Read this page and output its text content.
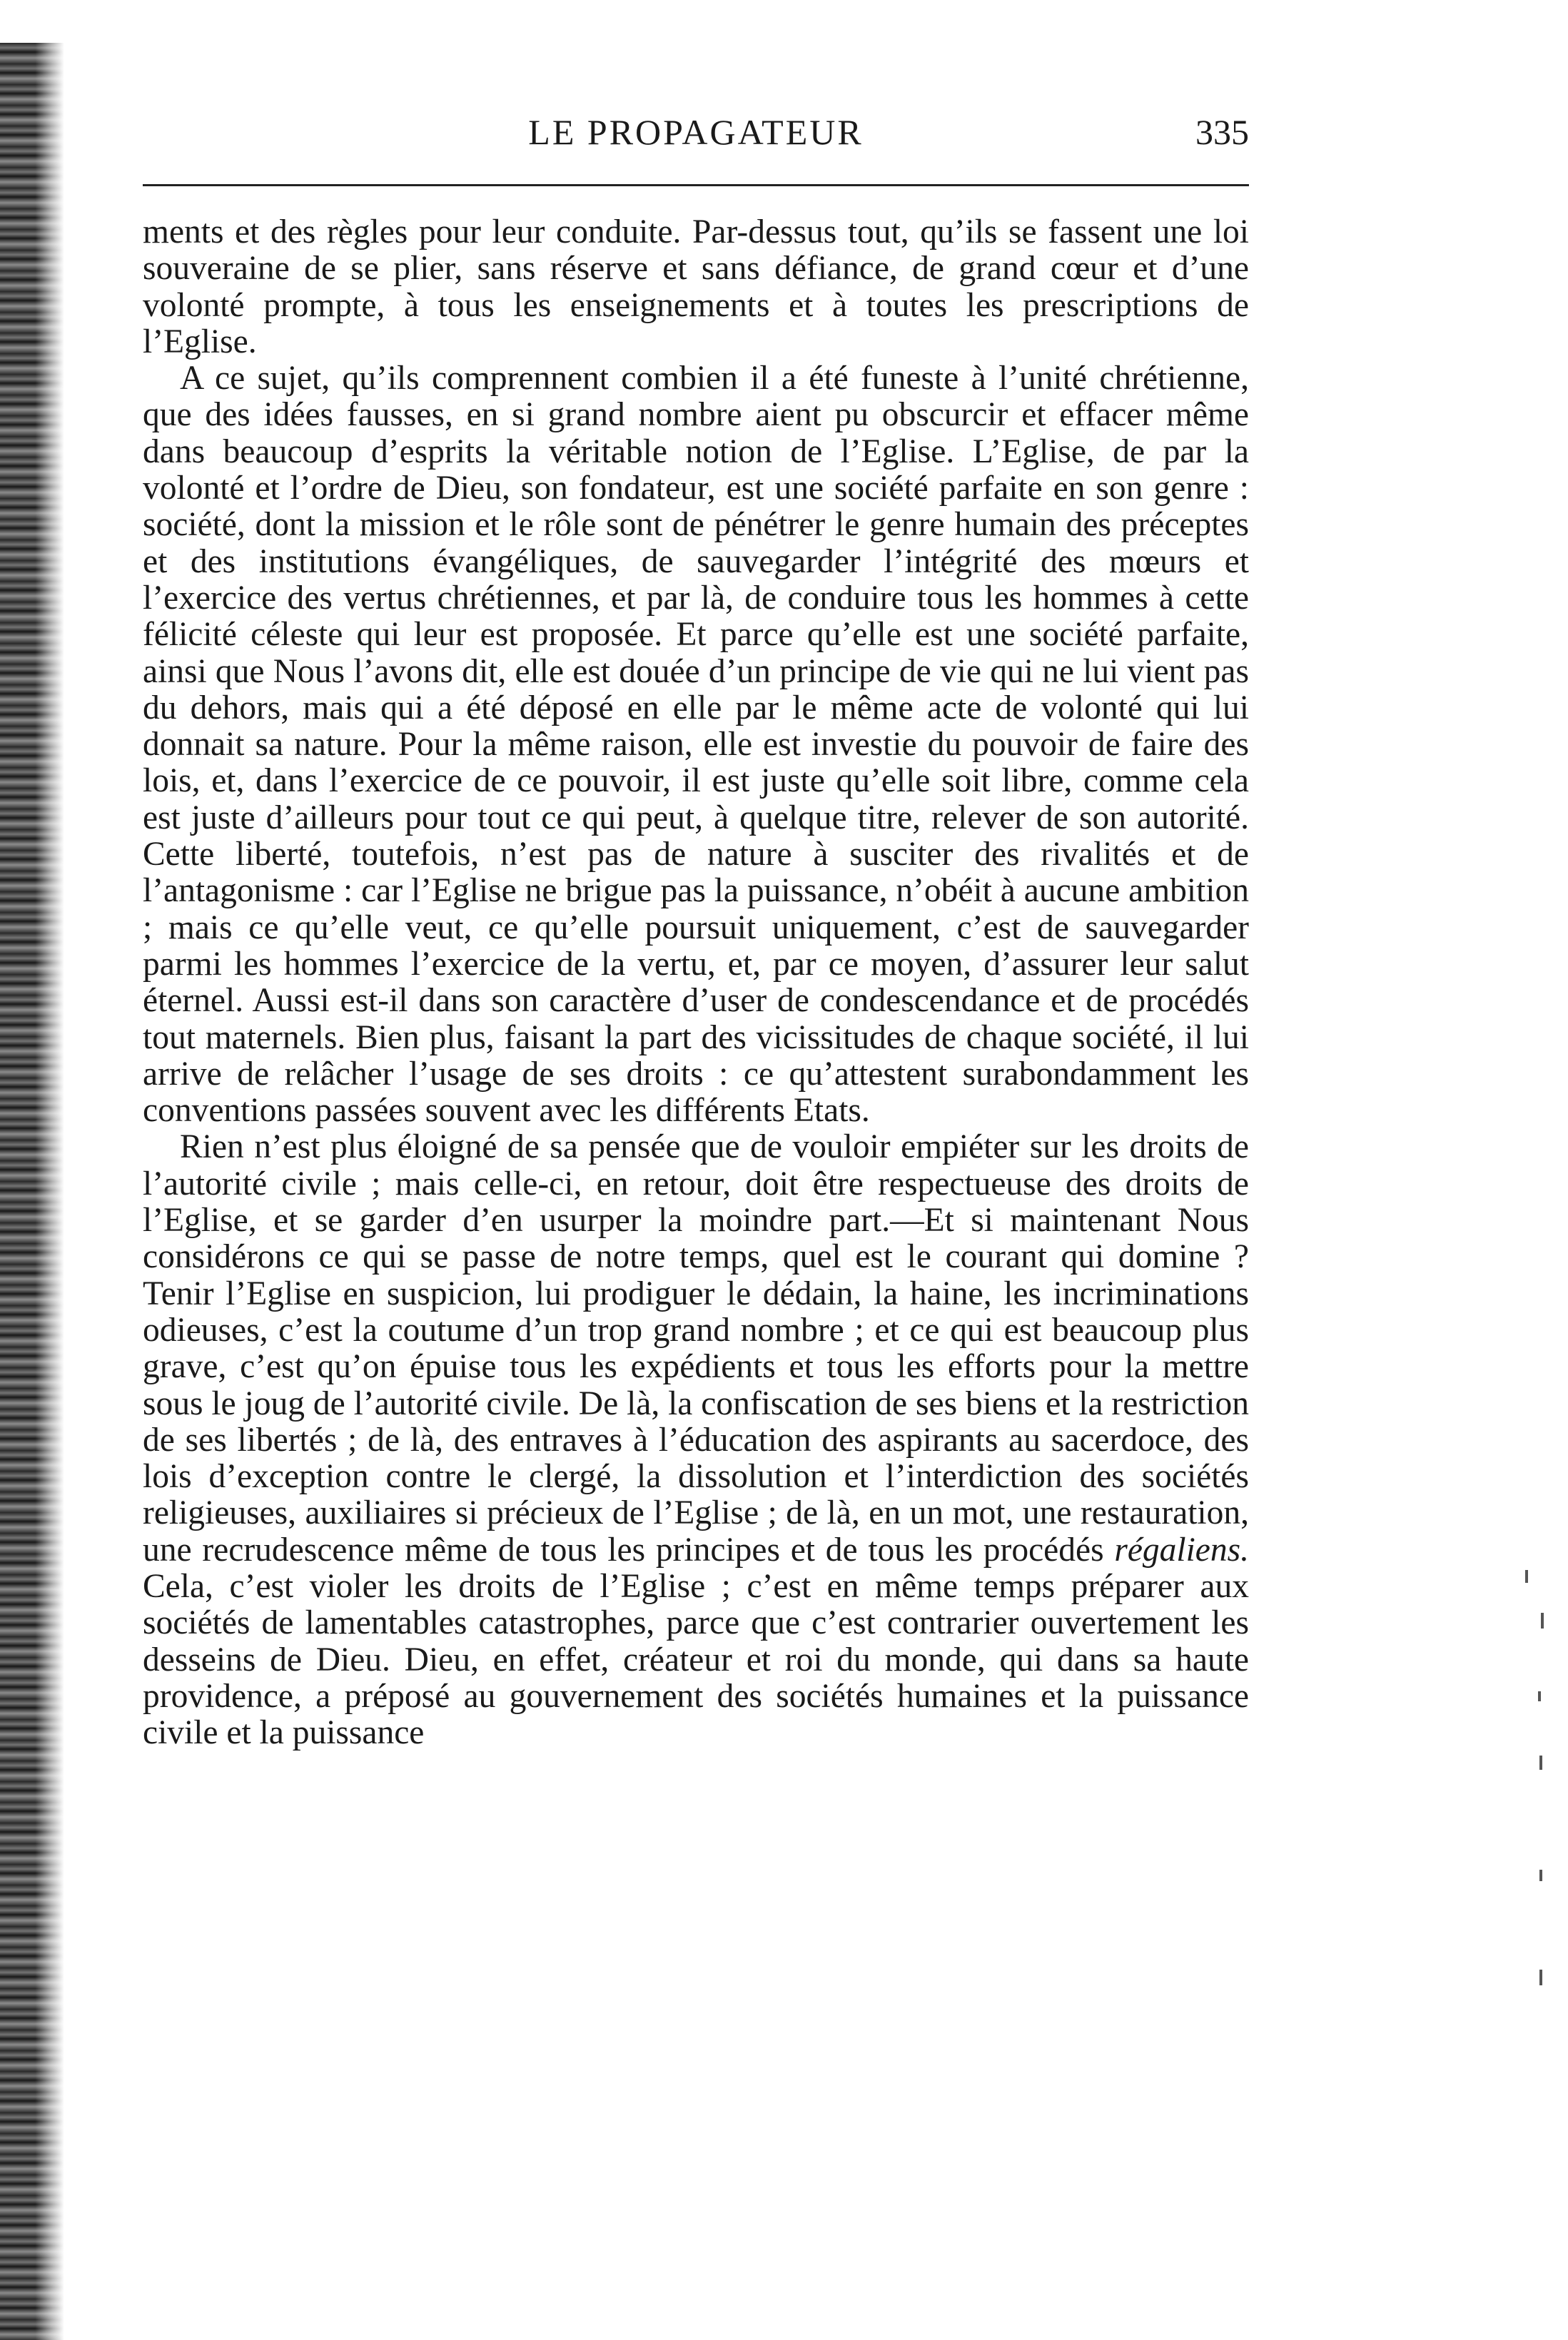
LE PROPAGATEUR	335

ments et des règles pour leur conduite. Par-dessus tout, qu’ils se fassent une loi souveraine de se plier, sans réserve et sans défiance, de grand cœur et d’une volonté prompte, à tous les enseignements et à toutes les prescriptions de l’Eglise.

A ce sujet, qu’ils comprennent combien il a été funeste à l’unité chrétienne, que des idées fausses, en si grand nombre aient pu obscurcir et effacer même dans beaucoup d’esprits la véritable notion de l’Eglise. L’Eglise, de par la volonté et l’ordre de Dieu, son fondateur, est une société parfaite en son genre : société, dont la mission et le rôle sont de pénétrer le genre humain des préceptes et des institutions évangéliques, de sauvegarder l’intégrité des mœurs et l’exercice des vertus chrétiennes, et par là, de conduire tous les hommes à cette félicité céleste qui leur est proposée. Et parce qu’elle est une société parfaite, ainsi que Nous l’avons dit, elle est douée d’un principe de vie qui ne lui vient pas du dehors, mais qui a été déposé en elle par le même acte de volonté qui lui donnait sa nature. Pour la même raison, elle est investie du pouvoir de faire des lois, et, dans l’exercice de ce pouvoir, il est juste qu’elle soit libre, comme cela est juste d’ailleurs pour tout ce qui peut, à quelque titre, relever de son autorité. Cette liberté, toutefois, n’est pas de nature à susciter des rivalités et de l’antagonisme : car l’Eglise ne brigue pas la puissance, n’obéit à aucune ambition ; mais ce qu’elle veut, ce qu’elle poursuit uniquement, c’est de sauvegarder parmi les hommes l’exercice de la vertu, et, par ce moyen, d’assurer leur salut éternel. Aussi est-il dans son caractère d’user de condescendance et de procédés tout maternels. Bien plus, faisant la part des vicissitudes de chaque société, il lui arrive de relâcher l’usage de ses droits : ce qu’attestent surabondamment les conventions passées souvent avec les différents Etats.

Rien n’est plus éloigné de sa pensée que de vouloir empiéter sur les droits de l’autorité civile ; mais celle-ci, en retour, doit être respectueuse des droits de l’Eglise, et se garder d’en usurper la moindre part.—Et si maintenant Nous considérons ce qui se passe de notre temps, quel est le courant qui domine ? Tenir l’Eglise en suspicion, lui prodiguer le dédain, la haine, les incriminations odieuses, c’est la coutume d’un trop grand nombre ; et ce qui est beaucoup plus grave, c’est qu’on épuise tous les expédients et tous les efforts pour la mettre sous le joug de l’autorité civile. De là, la confiscation de ses biens et la restriction de ses libertés ; de là, des entraves à l’éducation des aspirants au sacerdoce, des lois d’exception contre le clergé, la dissolution et l’interdiction des sociétés religieuses, auxiliaires si précieux de l’Eglise ; de là, en un mot, une restauration, une recrudescence même de tous les principes et de tous les procédés régaliens. Cela, c’est violer les droits de l’Eglise ; c’est en même temps préparer aux sociétés de lamentables catastrophes, parce que c’est contrarier ouvertement les desseins de Dieu. Dieu, en effet, créateur et roi du monde, qui dans sa haute providence, a préposé au gouvernement des sociétés humaines et la puissance civile et la puissance
